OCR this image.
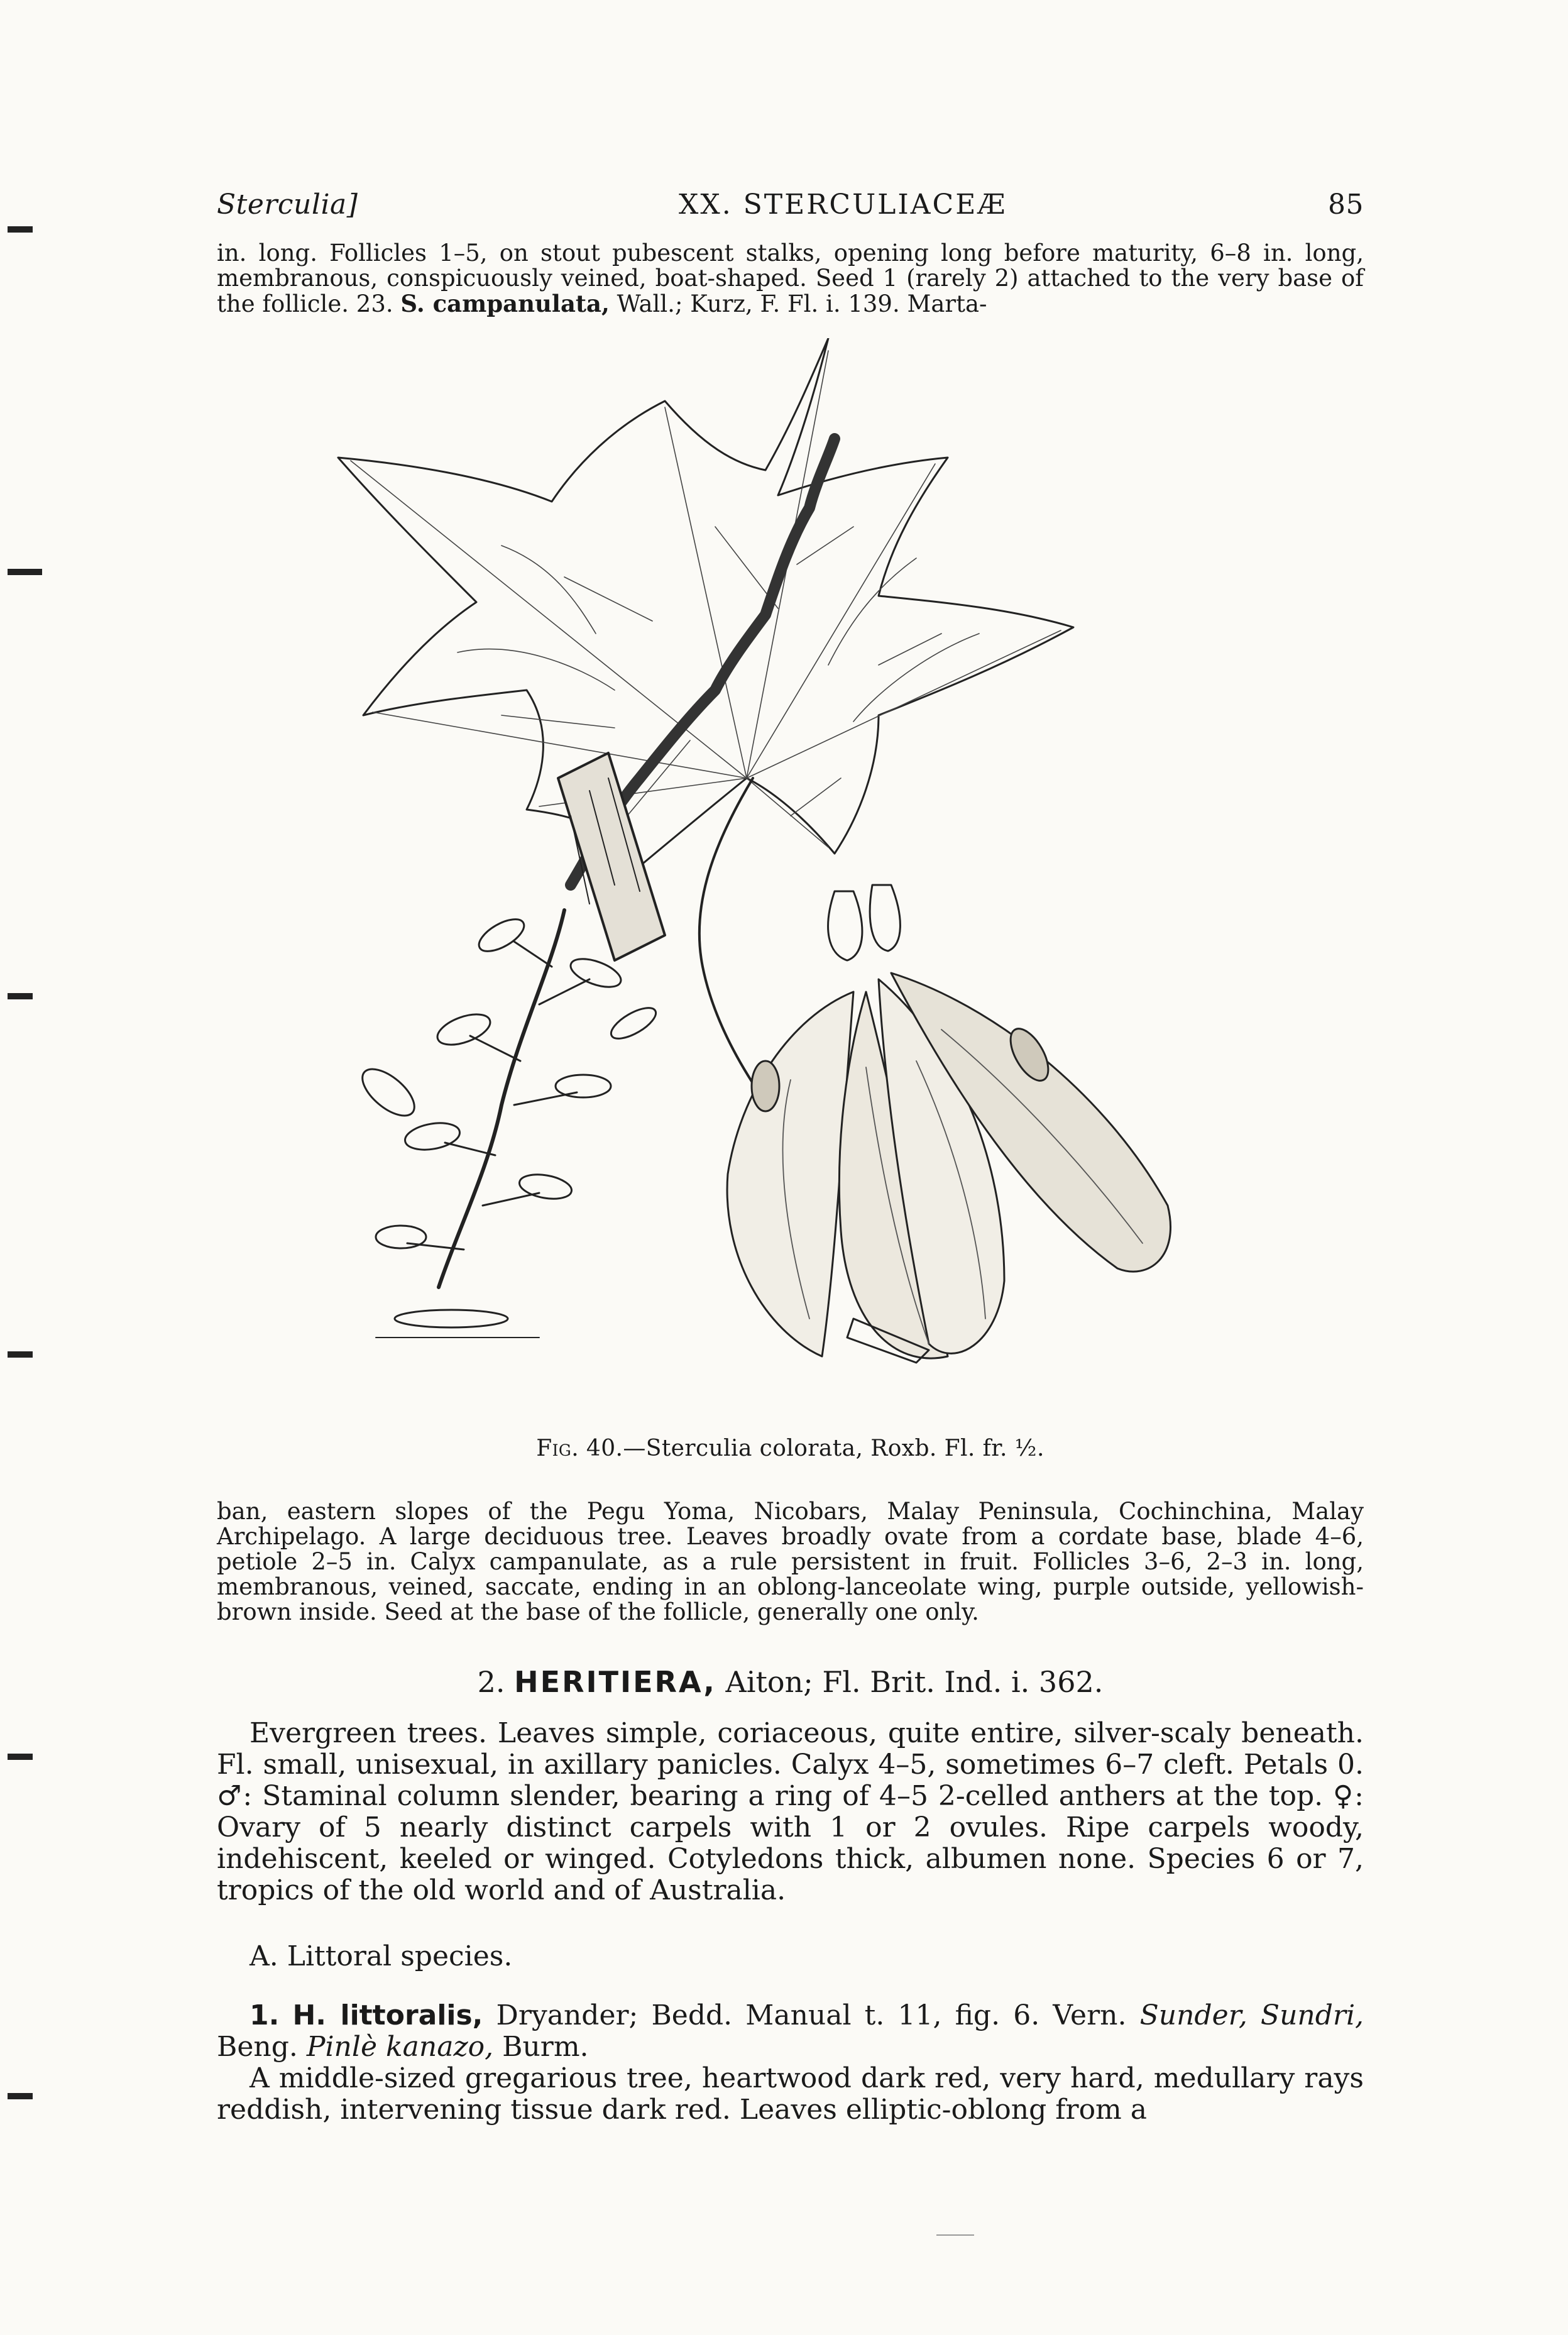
Sterculia]	XX. STERCULIACEÆ	85

in. long. Follicles 1–5, on stout pubescent stalks, opening long before maturity, 6–8 in. long, membranous, conspicuously veined, boat-shaped. Seed 1 (rarely 2) attached to the very base of the follicle. 23. S. campanulata, Wall.; Kurz, F. Fl. i. 139. Marta-

Fig. 40.—Sterculia colorata, Roxb. Fl. fr. ½.

ban, eastern slopes of the Pegu Yoma, Nicobars, Malay Peninsula, Cochinchina, Malay Archipelago. A large deciduous tree. Leaves broadly ovate from a cordate base, blade 4–6, petiole 2–5 in. Calyx campanulate, as a rule persistent in fruit. Follicles 3–6, 2–3 in. long, membranous, veined, saccate, ending in an oblong-lanceolate wing, purple outside, yellowish-brown inside. Seed at the base of the follicle, generally one only.

2. HERITIERA, Aiton; Fl. Brit. Ind. i. 362.

Evergreen trees. Leaves simple, coriaceous, quite entire, silver-scaly beneath. Fl. small, unisexual, in axillary panicles. Calyx 4–5, sometimes 6–7 cleft. Petals 0. ♂: Staminal column slender, bearing a ring of 4–5 2-celled anthers at the top. ♀: Ovary of 5 nearly distinct carpels with 1 or 2 ovules. Ripe carpels woody, indehiscent, keeled or winged. Cotyledons thick, albumen none. Species 6 or 7, tropics of the old world and of Australia.

A. Littoral species.

1. H. littoralis, Dryander; Bedd. Manual t. 11, fig. 6. Vern. Sunder, Sundri, Beng. Pinlè kanazo, Burm.

A middle-sized gregarious tree, heartwood dark red, very hard, medullary rays reddish, intervening tissue dark red. Leaves elliptic-oblong from a
